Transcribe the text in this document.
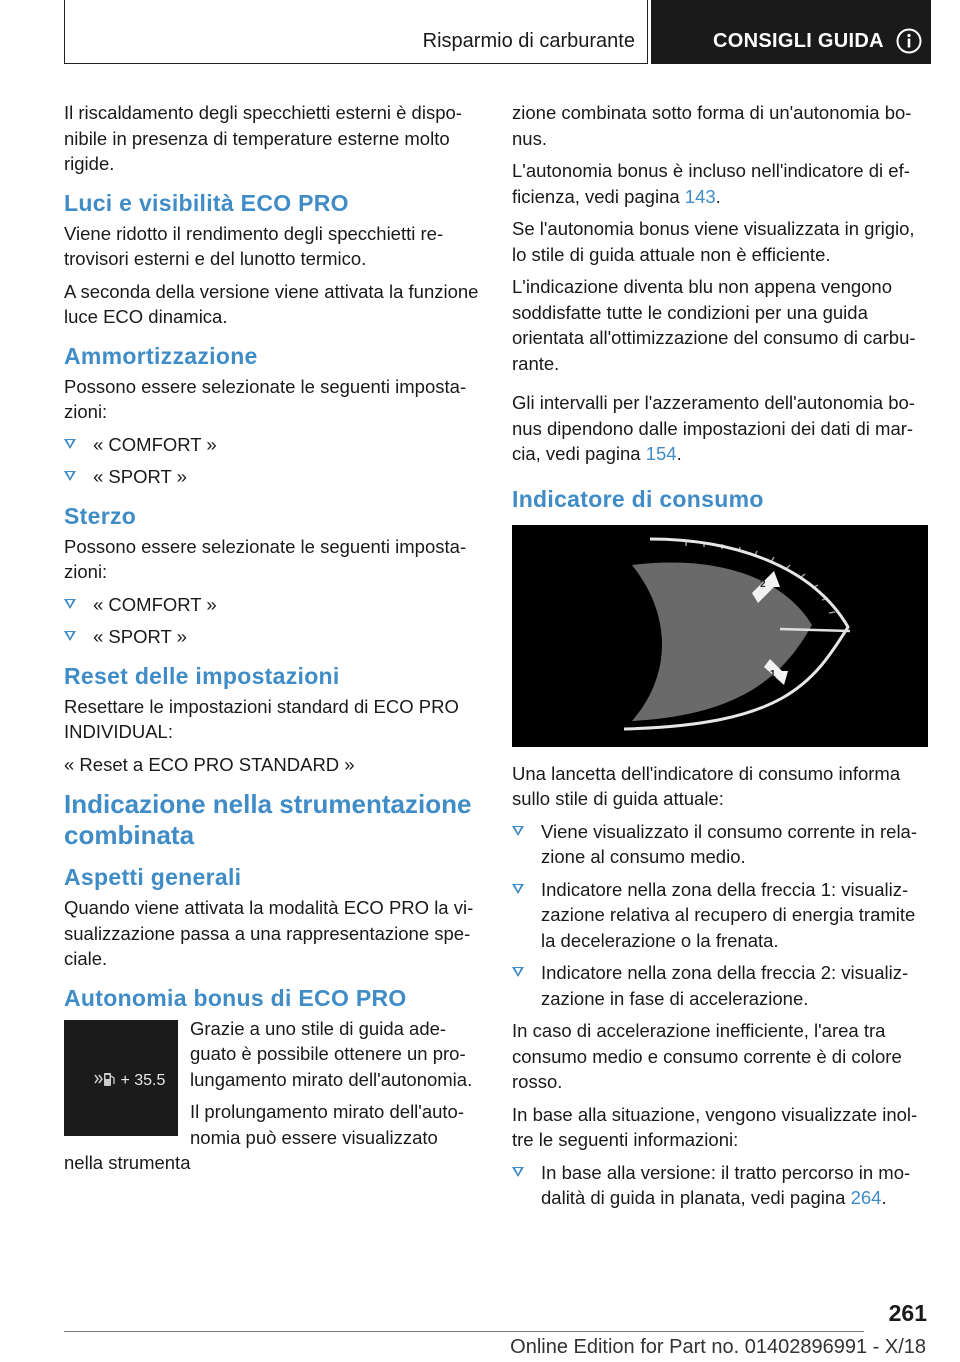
Risparmio di carburante	CONSIGLI GUIDA

Il riscaldamento degli specchietti esterni è disponibile in presenza di temperature esterne molto rigide.

Luci e visibilità ECO PRO

Viene ridotto il rendimento degli specchietti retrovisori esterni e del lunotto termico.

A seconda della versione viene attivata la funzione luce ECO dinamica.

Ammortizzazione

Possono essere selezionate le seguenti impostazioni:

« COMFORT »
« SPORT »
Sterzo

Possono essere selezionate le seguenti impostazioni:

« COMFORT »
« SPORT »
Reset delle impostazioni

Resettare le impostazioni standard di ECO PRO INDIVIDUAL:

« Reset a ECO PRO STANDARD »

Indicazione nella strumentazione combinata
Aspetti generali

Quando viene attivata la modalità ECO PRO la visualizzazione passa a una rappresentazione speciale.

Autonomia bonus di ECO PRO
+ 35.5

Grazie a uno stile di guida adeguato è possibile ottenere un prolungamento mirato dell'autonomia.

Il prolungamento mirato dell'autonomia può essere visualizzato nella strumenta

zione combinata sotto forma di un'autonomia bonus.

L'autonomia bonus è incluso nell'indicatore di efficienza, vedi pagina 143.

Se l'autonomia bonus viene visualizzata in grigio, lo stile di guida attuale non è efficiente.

L'indicazione diventa blu non appena vengono soddisfatte tutte le condizioni per una guida orientata all'ottimizzazione del consumo di carburante.

Gli intervalli per l'azzeramento dell'autonomia bonus dipendono dalle impostazioni dei dati di marcia, vedi pagina 154.

Indicatore di consumo
2
1

Una lancetta dell'indicatore di consumo informa sullo stile di guida attuale:

Viene visualizzato il consumo corrente in relazione al consumo medio.
Indicatore nella zona della freccia 1: visualizzazione relativa al recupero di energia tramite la decelerazione o la frenata.
Indicatore nella zona della freccia 2: visualizzazione in fase di accelerazione.

In caso di accelerazione inefficiente, l'area tra consumo medio e consumo corrente è di colore rosso.

In base alla situazione, vengono visualizzate inoltre le seguenti informazioni:

In base alla versione: il tratto percorso in modalità di guida in planata, vedi pagina 264.
261
Online Edition for Part no. 01402896991 - X/18
